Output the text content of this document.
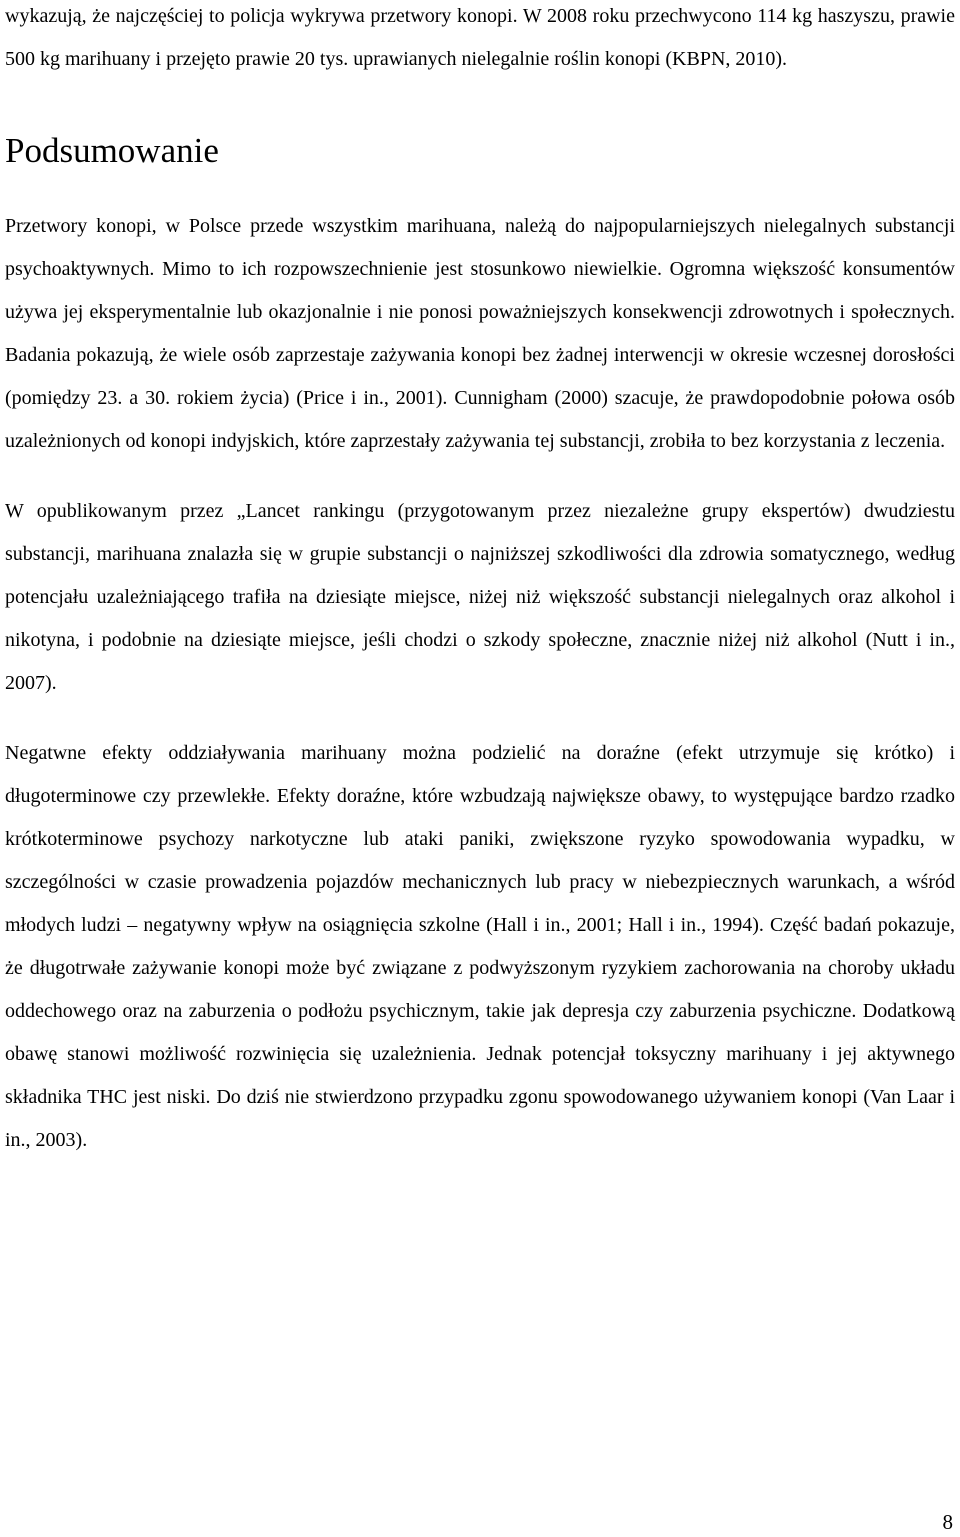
wykazują, że najczęściej to policja wykrywa przetwory konopi. W 2008 roku przechwycono 114 kg haszyszu, prawie 500 kg marihuany i przejęto prawie 20 tys. uprawianych nielegalnie roślin konopi (KBPN, 2010).

Podsumowanie

Przetwory konopi, w Polsce przede wszystkim marihuana, należą do najpopularniejszych nielegalnych substancji psychoaktywnych. Mimo to ich rozpowszechnienie jest stosunkowo niewielkie. Ogromna większość konsumentów używa jej eksperymentalnie lub okazjonalnie i nie ponosi poważniejszych konsekwencji zdrowotnych i społecznych. Badania pokazują, że wiele osób zaprzestaje zażywania konopi bez żadnej interwencji w okresie wczesnej dorosłości (pomiędzy 23. a 30. rokiem życia) (Price i in., 2001). Cunnigham (2000) szacuje, że prawdopodobnie połowa osób uzależnionych od konopi indyjskich, które zaprzestały zażywania tej substancji, zrobiła to bez korzystania z leczenia.

W opublikowanym przez „Lancet rankingu (przygotowanym przez niezależne grupy ekspertów) dwudziestu substancji, marihuana znalazła się w grupie substancji o najniższej szkodliwości dla zdrowia somatycznego, według potencjału uzależniającego trafiła na dziesiąte miejsce, niżej niż większość substancji nielegalnych oraz alkohol i nikotyna, i podobnie na dziesiąte miejsce, jeśli chodzi o szkody społeczne, znacznie niżej niż alkohol (Nutt i in., 2007).

Negatwne efekty oddziaływania marihuany można podzielić na doraźne (efekt utrzymuje się krótko) i długoterminowe czy przewlekłe. Efekty doraźne, które wzbudzają największe obawy, to występujące bardzo rzadko krótkoterminowe psychozy narkotyczne lub ataki paniki, zwiększone ryzyko spowodowania wypadku, w szczególności w czasie prowadzenia pojazdów mechanicznych lub pracy w niebezpiecznych warunkach, a wśród młodych ludzi – negatywny wpływ na osiągnięcia szkolne (Hall i in., 2001; Hall i in., 1994). Część badań pokazuje, że długotrwałe zażywanie konopi może być związane z podwyższonym ryzykiem zachorowania na choroby układu oddechowego oraz na zaburzenia o podłożu psychicznym, takie jak depresja czy zaburzenia psychiczne. Dodatkową obawę stanowi możliwość rozwinięcia się uzależnienia. Jednak potencjał toksyczny marihuany i jej aktywnego składnika THC jest niski. Do dziś nie stwierdzono przypadku zgonu spowodowanego używaniem konopi (Van Laar i in., 2003).

8
